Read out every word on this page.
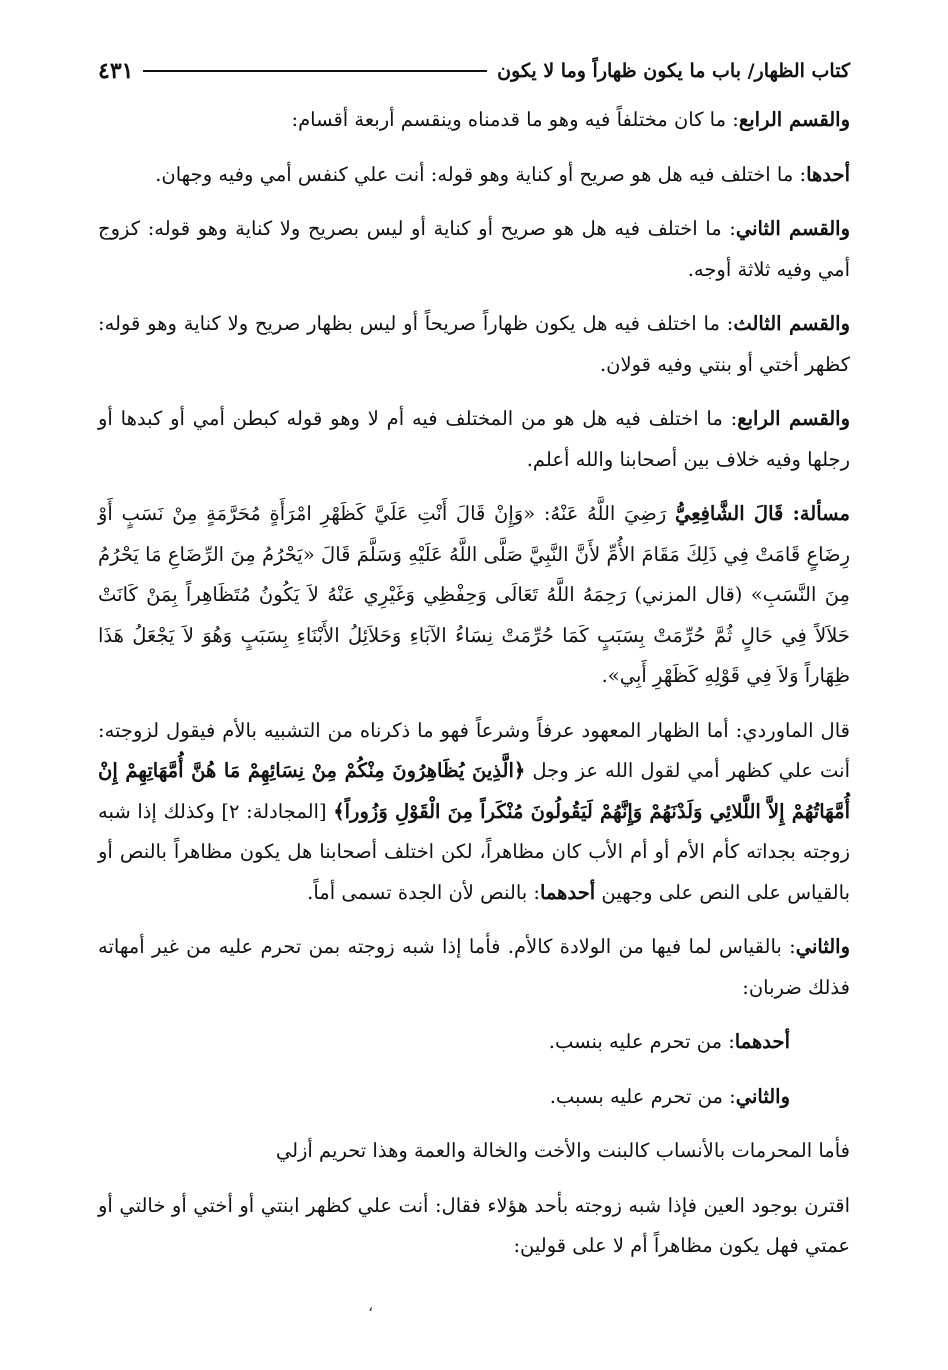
كتاب الظهار/ باب ما يكون ظهاراً وما لا يكون
٤٣١

والقسم الرابع: ما كان مختلفاً فيه وهو ما قدمناه وينقسم أربعة أقسام:

أحدها: ما اختلف فيه هل هو صريح أو كناية وهو قوله: أنت علي كنفس أمي وفيه وجهان.

والقسم الثاني: ما اختلف فيه هل هو صريح أو كناية أو ليس بصريح ولا كناية وهو قوله: كزوج أمي وفيه ثلاثة أوجه.

والقسم الثالث: ما اختلف فيه هل يكون ظهاراً صريحاً أو ليس بظهار صريح ولا كناية وهو قوله: كظهر أختي أو بنتي وفيه قولان.

والقسم الرابع: ما اختلف فيه هل هو من المختلف فيه أم لا وهو قوله كبطن أمي أو كبدها أو رجلها وفيه خلاف بين أصحابنا والله أعلم.

مسألة: قَالَ الشَّافِعِيُّ رَضِيَ اللَّهُ عَنْهُ: «وَإِنْ قَالَ أَنْتِ عَلَيَّ كَظَهْرِ امْرَأَةٍ مُحَرَّمَةٍ مِنْ نَسَبٍ أَوْ رِضَاعٍ قَامَتْ فِي ذَلِكَ مَقَامَ الأُمِّ لأَنَّ النَّبِيَّ صَلَّى اللَّهُ عَلَيْهِ وَسَلَّمَ قَالَ «يَحْرُمُ مِنَ الرِّضَاعِ مَا يَحْرُمُ مِنَ النَّسَبِ» (قال المزني) رَحِمَهُ اللَّهُ تَعَالَى وَحِفْظِي وَغَيْرِي عَنْهُ لاَ يَكُونُ مُتَظَاهِراً بِمَنْ كَانَتْ حَلاَلاً فِي حَالٍ ثُمَّ حُرِّمَتْ بِسَبَبٍ كَمَا حُرِّمَتْ نِسَاءُ الآبَاءِ وَحَلاَئِلُ الأَبْنَاءِ بِسَبَبٍ وَهُوَ لاَ يَجْعَلُ هَذَا ظِهَاراً وَلاَ فِي قَوْلِهِ كَظَهْرِ أَبِي».

قال الماوردي: أما الظهار المعهود عرفاً وشرعاً فهو ما ذكرناه من التشبيه بالأم فيقول لزوجته: أنت علي كظهر أمي لقول الله عز وجل ﴿الَّذِينَ يُظَاهِرُونَ مِنْكُمْ مِنْ نِسَائِهِمْ مَا هُنَّ أُمَّهَاتِهِمْ إِنْ أُمَّهَاتُهُمْ إِلاَّ اللَّلائِي وَلَدْنَهُمْ وَإِنَّهُمْ لَيَقُولُونَ مُنْكَراً مِنَ الْقَوْلِ وَزُوراً﴾ [المجادلة: ٢] وكذلك إذا شبه زوجته بجداته كأم الأم أو أم الأب كان مظاهراً، لكن اختلف أصحابنا هل يكون مظاهراً بالنص أو بالقياس على النص على وجهين أحدهما: بالنص لأن الجدة تسمى أماً.

والثاني: بالقياس لما فيها من الولادة كالأم. فأما إذا شبه زوجته بمن تحرم عليه من غير أمهاته فذلك ضربان:

أحدهما: من تحرم عليه بنسب.

والثاني: من تحرم عليه بسبب.

فأما المحرمات بالأنساب كالبنت والأخت والخالة والعمة وهذا تحريم أزلي

اقترن بوجود العين فإذا شبه زوجته بأحد هؤلاء فقال: أنت علي كظهر ابنتي أو أختي أو خالتي أو عمتي فهل يكون مظاهراً أم لا على قولين:

،
